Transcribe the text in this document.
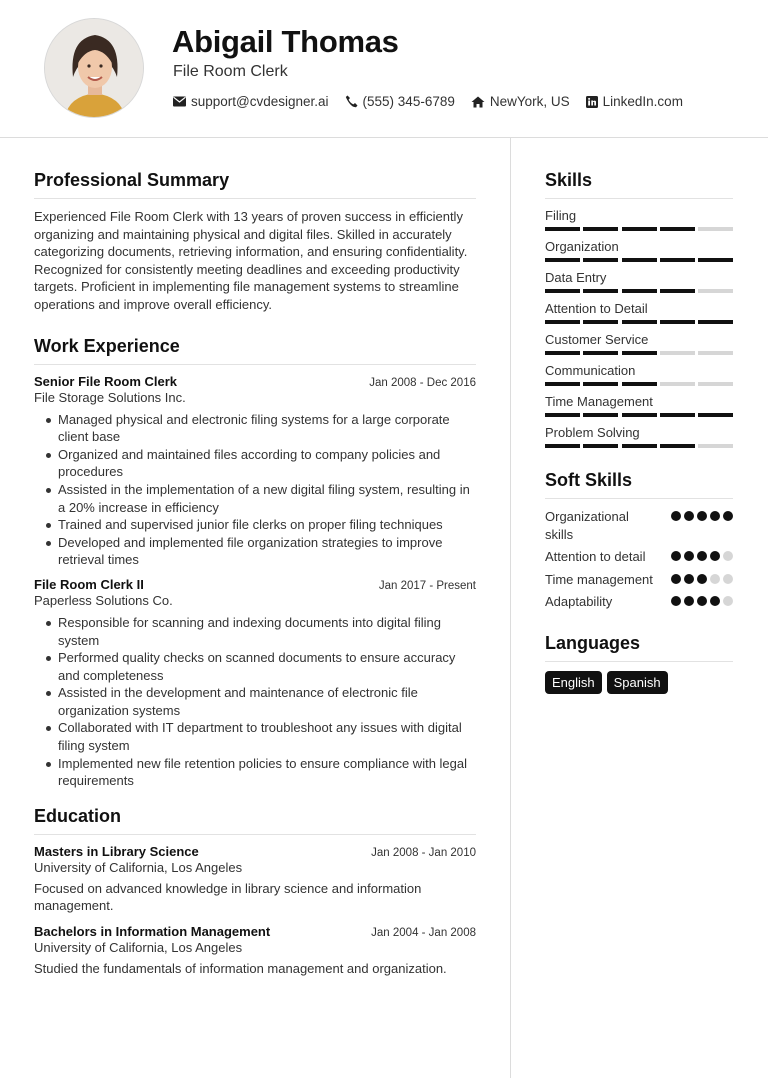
Abigail Thomas
File Room Clerk
support@cvdesigner.ai	(555) 345-6789	NewYork, US LinkedIn.com
Professional Summary
Experienced File Room Clerk with 13 years of proven success in efficiently organizing and maintaining physical and digital files. Skilled in accurately categorizing documents, retrieving information, and ensuring confidentiality. Recognized for consistently meeting deadlines and exceeding productivity targets. Proficient in implementing file management systems to streamline operations and improve overall efficiency.
Work Experience
Senior File Room Clerk	Jan 2008 - Dec 2016
File Storage Solutions Inc.
Managed physical and electronic filing systems for a large corporate client base
Organized and maintained files according to company policies and procedures
Assisted in the implementation of a new digital filing system, resulting in a 20% increase in efficiency
Trained and supervised junior file clerks on proper filing techniques
Developed and implemented file organization strategies to improve retrieval times
File Room Clerk II	Jan 2017 - Present
Paperless Solutions Co.
Responsible for scanning and indexing documents into digital filing system
Performed quality checks on scanned documents to ensure accuracy and completeness
Assisted in the development and maintenance of electronic file organization systems
Collaborated with IT department to troubleshoot any issues with digital filing system
Implemented new file retention policies to ensure compliance with legal requirements
Education
Masters in Library Science	Jan 2008 - Jan 2010
University of California, Los Angeles
Focused on advanced knowledge in library science and information management.
Bachelors in Information Management	Jan 2004 - Jan 2008
University of California, Los Angeles
Studied the fundamentals of information management and organization.
Skills
Filing
Organization
Data Entry
Attention to Detail
Customer Service
Communication
Time Management
Problem Solving
Soft Skills
Organizational skills
Attention to detail
Time management
Adaptability
Languages
English	Spanish
